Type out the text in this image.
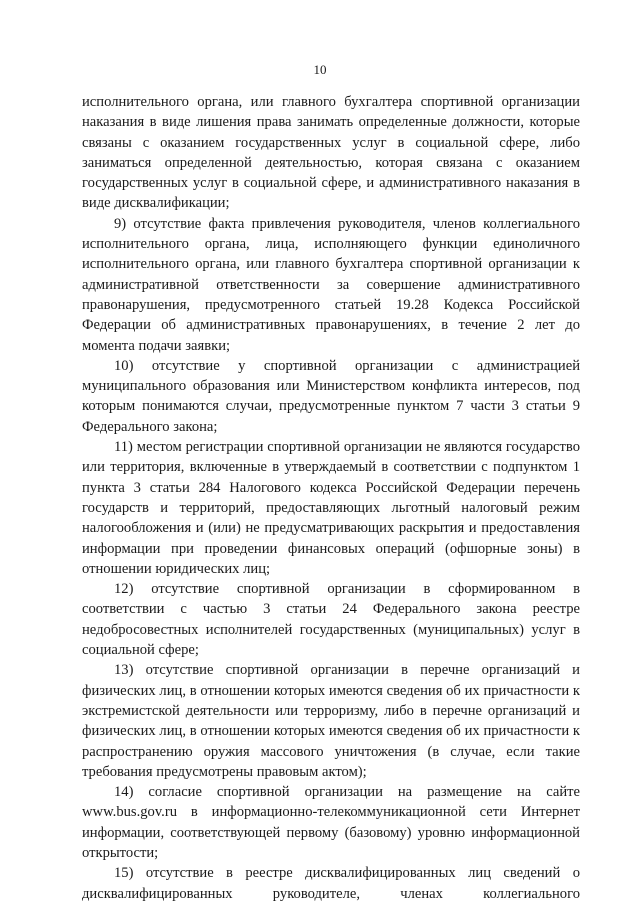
10

исполнительного органа, или главного бухгалтера спортивной организации наказания в виде лишения права занимать определенные должности, которые связаны с оказанием государственных услуг в социальной сфере, либо заниматься определенной деятельностью, которая связана с оказанием государственных услуг в социальной сфере, и административного наказания в виде дисквалификации;

9) отсутствие факта привлечения руководителя, членов коллегиального исполнительного органа, лица, исполняющего функции единоличного исполнительного органа, или главного бухгалтера спортивной организации к административной ответственности за совершение административного правонарушения, предусмотренного статьей 19.28 Кодекса Российской Федерации об административных правонарушениях, в течение 2 лет до момента подачи заявки;

10) отсутствие у спортивной организации с администрацией муниципального образования или Министерством конфликта интересов, под которым понимаются случаи, предусмотренные пунктом 7 части 3 статьи 9 Федерального закона;

11) местом регистрации спортивной организации не являются государство или территория, включенные в утверждаемый в соответствии с подпунктом 1 пункта 3 статьи 284 Налогового кодекса Российской Федерации перечень государств и территорий, предоставляющих льготный налоговый режим налогообложения и (или) не предусматривающих раскрытия и предоставления информации при проведении финансовых операций (офшорные зоны) в отношении юридических лиц;

12) отсутствие спортивной организации в сформированном в соответствии с частью 3 статьи 24 Федерального закона реестре недобросовестных исполнителей государственных (муниципальных) услуг в социальной сфере;

13) отсутствие спортивной организации в перечне организаций и физических лиц, в отношении которых имеются сведения об их причастности к экстремистской деятельности или терроризму, либо в перечне организаций и физических лиц, в отношении которых имеются сведения об их причастности к распространению оружия массового уничтожения (в случае, если такие требования предусмотрены правовым актом);

14) согласие спортивной организации на размещение на сайте www.bus.gov.ru в информационно-телекоммуникационной сети Интернет информации, соответствующей первому (базовому) уровню информационной открытости;

15) отсутствие в реестре дисквалифицированных лиц сведений о дисквалифицированных руководителе, членах коллегиального
